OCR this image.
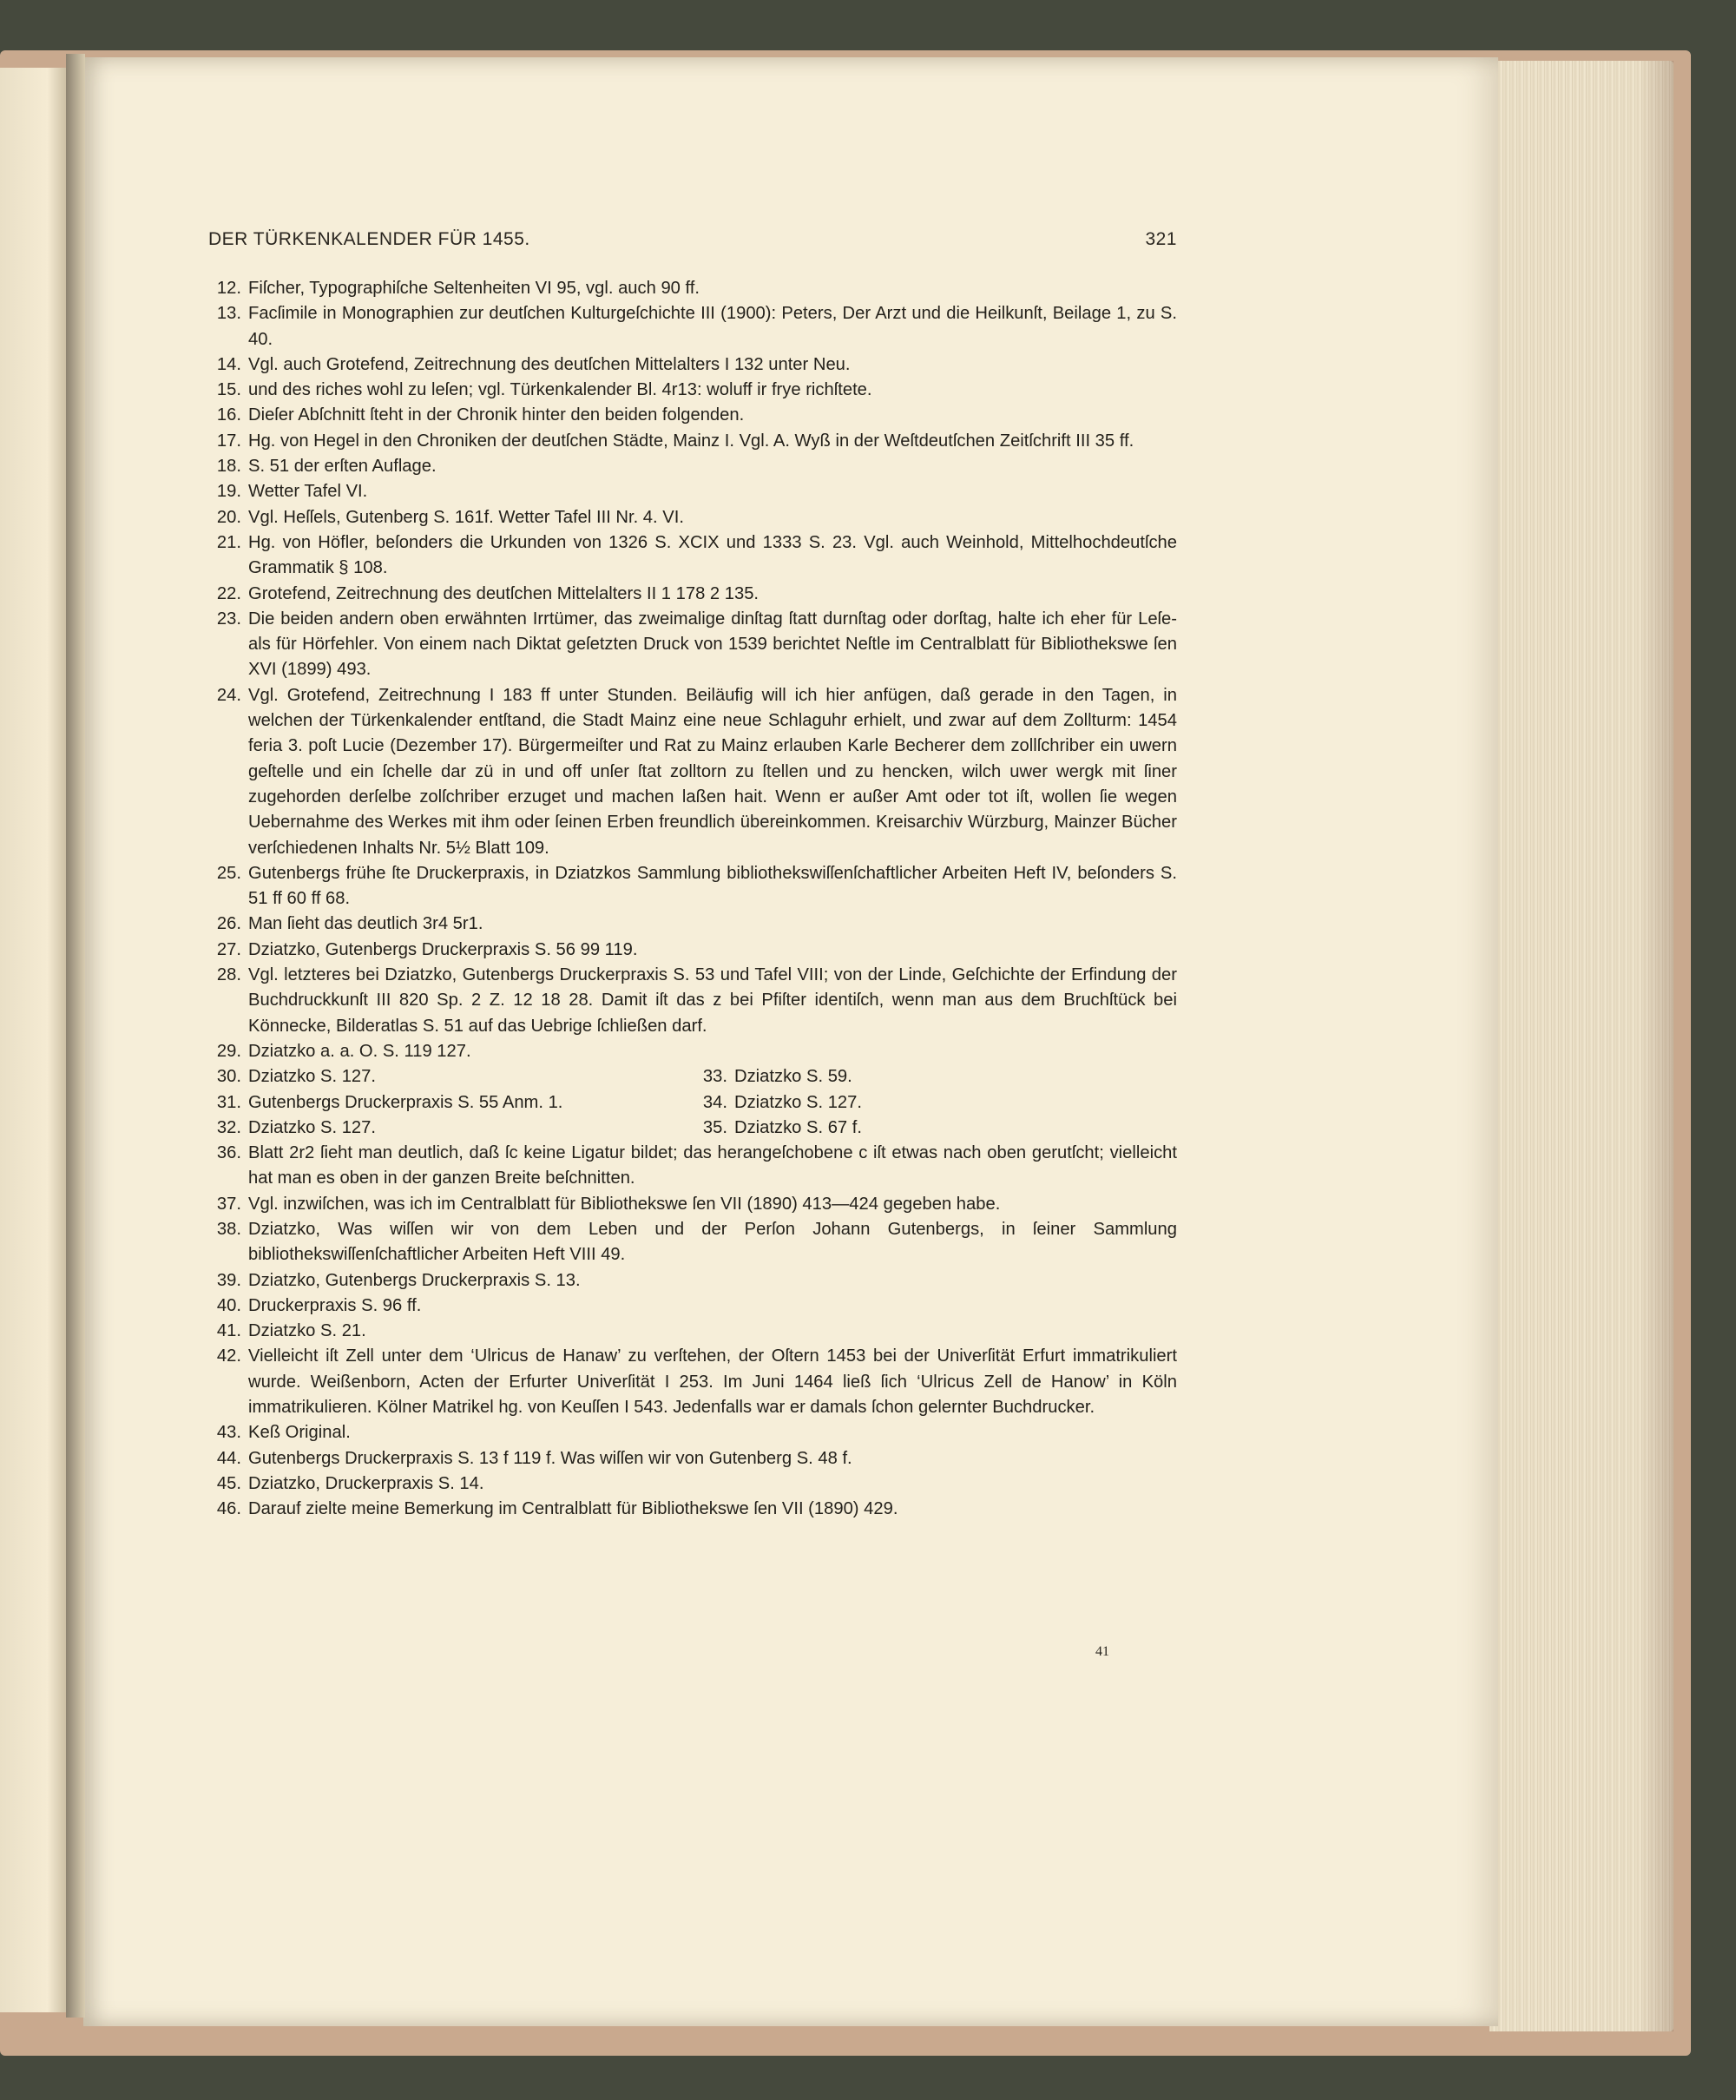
DER TÜRKENKALENDER FÜR 1455.	321
12. Fiſcher, Typographiſche Seltenheiten VI 95, vgl. auch 90 ff.
13. Facſimile in Monographien zur deutſchen Kulturgeſchichte III (1900): Peters, Der Arzt und die Heilkunſt, Beilage 1, zu S. 40.
14. Vgl. auch Grotefend, Zeitrechnung des deutſchen Mittelalters I 132 unter Neu.
15. und des riches wohl zu leſen; vgl. Türkenkalender Bl. 4r13: woluff ir frye richſtete.
16. Dieſer Abſchnitt ſteht in der Chronik hinter den beiden folgenden.
17. Hg. von Hegel in den Chroniken der deutſchen Städte, Mainz I. Vgl. A. Wyß in der Weſtdeutſchen Zeitſchrift III 35 ff.
18. S. 51 der erſten Auflage.
19. Wetter Tafel VI.
20. Vgl. Heſſels, Gutenberg S. 161f. Wetter Tafel III Nr. 4. VI.
21. Hg. von Höfler, beſonders die Urkunden von 1326 S. XCIX und 1333 S. 23. Vgl. auch Weinhold, Mittelhochdeutſche Grammatik § 108.
22. Grotefend, Zeitrechnung des deutſchen Mittelalters II 1 178 2 135.
23. Die beiden andern oben erwähnten Irrtümer, das zweimalige dinſtag ſtatt durnſtag oder dorſtag, halte ich eher für Leſe- als für Hörfehler. Von einem nach Diktat geſetzten Druck von 1539 berichtet Neſtle im Centralblatt für Bibliothekswe ſen XVI (1899) 493.
24. Vgl. Grotefend, Zeitrechnung I 183 ff unter Stunden. Beiläufig will ich hier anfügen, daß gerade in den Tagen, in welchen der Türkenkalender entſtand, die Stadt Mainz eine neue Schlaguhr erhielt, und zwar auf dem Zollturm: 1454 feria 3. poſt Lucie (Dezember 17). Bürgermeiſter und Rat zu Mainz erlauben Karle Becherer dem zollſchriber ein uwern geſtelle und ein ſchelle dar zü in und off unſer ſtat zolltorn zu ſtellen und zu hencken, wilch uwer wergk mit ſiner zugehorden derſelbe zolſchriber erzuget und machen laßen hait. Wenn er außer Amt oder tot iſt, wollen ſie wegen Uebernahme des Werkes mit ihm oder ſeinen Erben freundlich übereinkommen. Kreisarchiv Würzburg, Mainzer Bücher verſchiedenen Inhalts Nr. 5½ Blatt 109.
25. Gutenbergs frühe ſte Druckerpraxis, in Dziatzkos Sammlung bibliothekswiſſenſchaftlicher Arbeiten Heft IV, beſonders S. 51 ff 60 ff 68.
26. Man ſieht das deutlich 3r4 5r1.
27. Dziatzko, Gutenbergs Druckerpraxis S. 56 99 119.
28. Vgl. letzteres bei Dziatzko, Gutenbergs Druckerpraxis S. 53 und Tafel VIII; von der Linde, Geſchichte der Erfindung der Buchdruckkunſt III 820 Sp. 2 Z. 12 18 28. Damit iſt das z bei Pfiſter identiſch, wenn man aus dem Bruchſtück bei Könnecke, Bilderatlas S. 51 auf das Uebrige ſchließen darf.
29. Dziatzko a. a. O. S. 119 127.
30. Dziatzko S. 127.
31. Gutenbergs Druckerpraxis S. 55 Anm. 1.
32. Dziatzko S. 127.
33. Dziatzko S. 59.
34. Dziatzko S. 127.
35. Dziatzko S. 67 f.
36. Blatt 2r2 ſieht man deutlich, daß ſc keine Ligatur bildet; das herangeſchobene c iſt etwas nach oben gerutſcht; vielleicht hat man es oben in der ganzen Breite beſchnitten.
37. Vgl. inzwiſchen, was ich im Centralblatt für Bibliothekswe ſen VII (1890) 413—424 gegeben habe.
38. Dziatzko, Was wiſſen wir von dem Leben und der Perſon Johann Gutenbergs, in ſeiner Sammlung bibliothekswiſſenſchaftlicher Arbeiten Heft VIII 49.
39. Dziatzko, Gutenbergs Druckerpraxis S. 13.
40. Druckerpraxis S. 96 ff.
41. Dziatzko S. 21.
42. Vielleicht iſt Zell unter dem ‘Ulricus de Hanaw’ zu verſtehen, der Oſtern 1453 bei der Univerſität Erfurt immatrikuliert wurde. Weißenborn, Acten der Erfurter Univerſität I 253. Im Juni 1464 ließ ſich ‘Ulricus Zell de Hanow’ in Köln immatrikulieren. Kölner Matrikel hg. von Keuſſen I 543. Jedenfalls war er damals ſchon gelernter Buchdrucker.
43. Keß Original.
44. Gutenbergs Druckerpraxis S. 13 f 119 f. Was wiſſen wir von Gutenberg S. 48 f.
45. Dziatzko, Druckerpraxis S. 14.
46. Darauf zielte meine Bemerkung im Centralblatt für Bibliothekswe ſen VII (1890) 429.
41
